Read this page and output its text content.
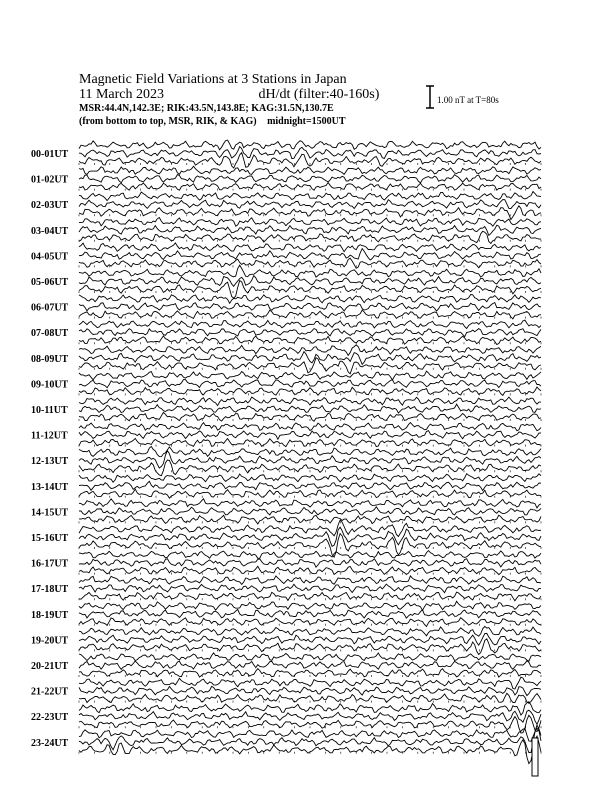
Magnetic Field Variations at 3 Stations in Japan
11 March 2023	dH/dt (filter:40-160s)
MSR:44.4N,142.3E; RIK:43.5N,143.8E; KAG:31.5N,130.7E
(from bottom to top, MSR, RIK, & KAG) midnight=1500UT
1.00 nT at T=80s
00-01UT
01-02UT
02-03UT
03-04UT
04-05UT
05-06UT
06-07UT
07-08UT
08-09UT
09-10UT
10-11UT
11-12UT
12-13UT
13-14UT
14-15UT
15-16UT
16-17UT
17-18UT
18-19UT
19-20UT
20-21UT
21-22UT
22-23UT
23-24UT
